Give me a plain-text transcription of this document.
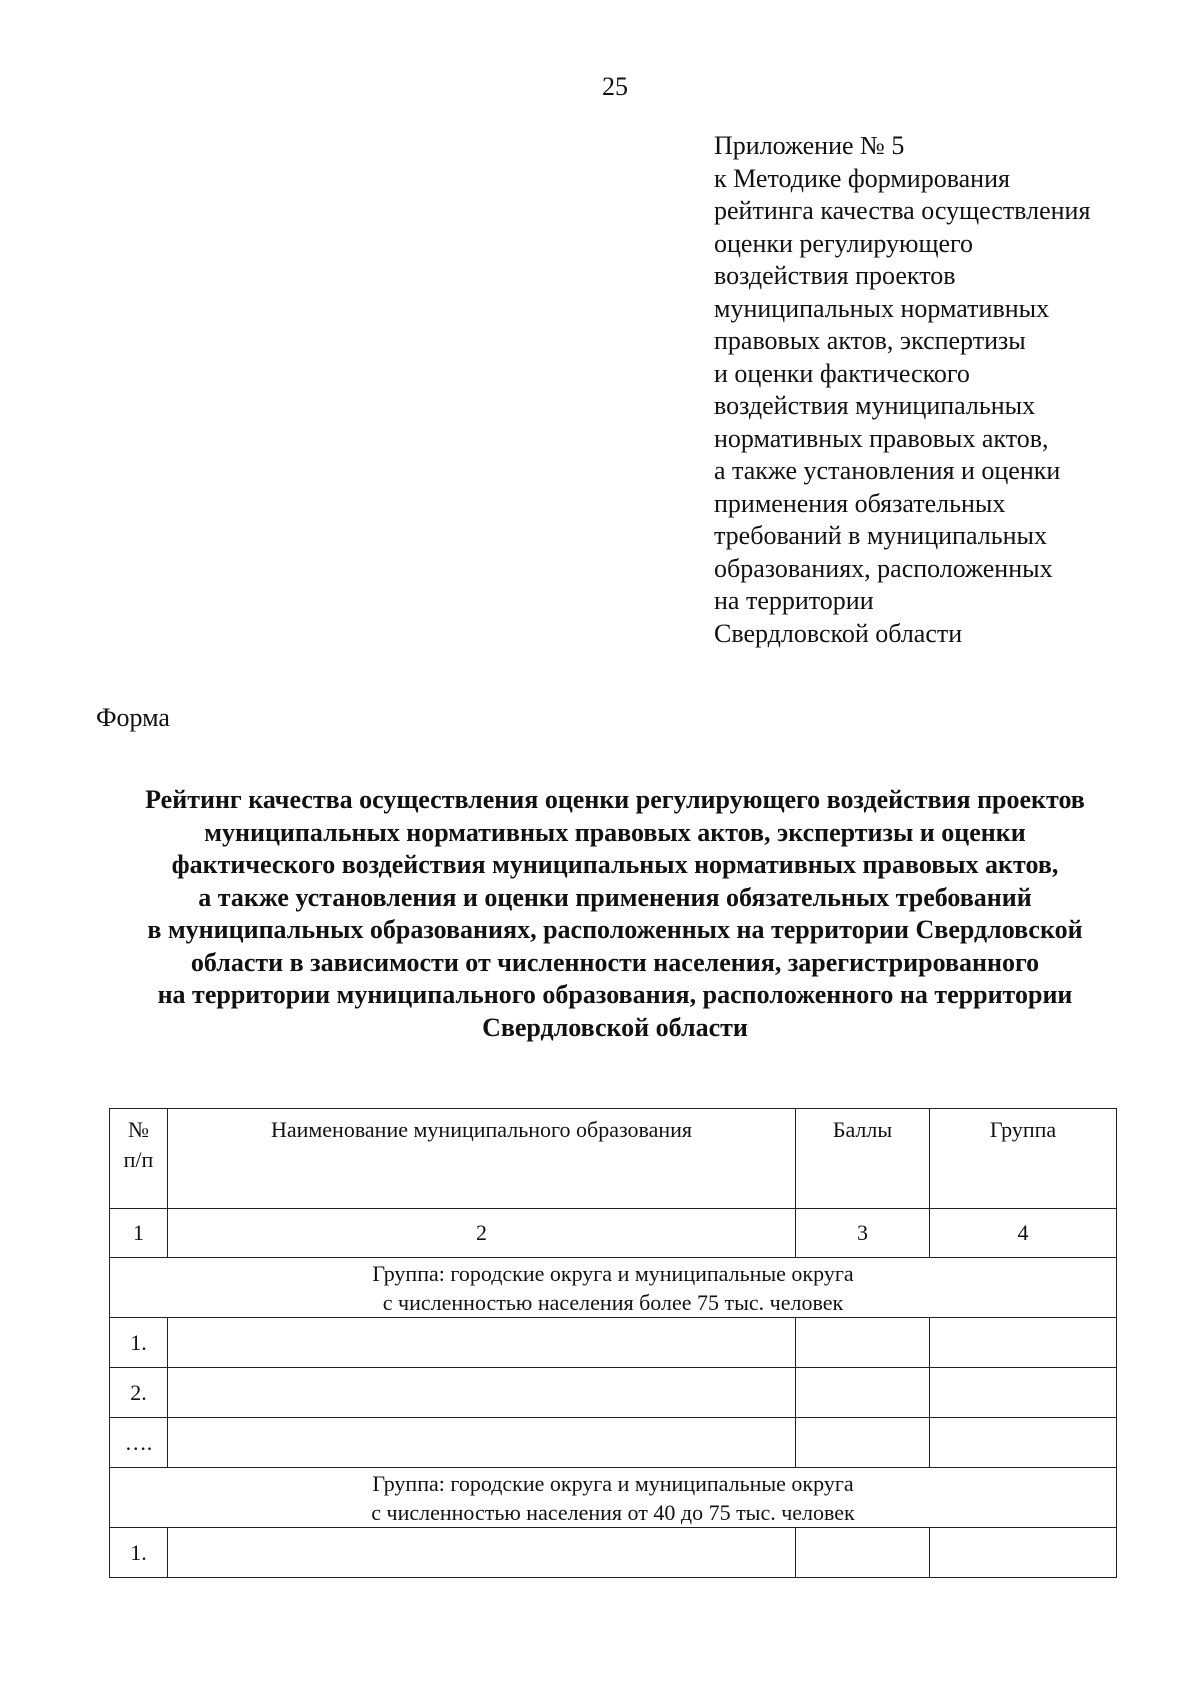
25
Приложение № 5
к Методике формирования
рейтинга качества осуществления
оценки регулирующего
воздействия проектов
муниципальных нормативных
правовых актов, экспертизы
и оценки фактического
воздействия муниципальных
нормативных правовых актов,
а также установления и оценки
применения обязательных
требований в муниципальных
образованиях, расположенных
на территории
Свердловской области
Форма
Рейтинг качества осуществления оценки регулирующего воздействия проектов
муниципальных нормативных правовых актов, экспертизы и оценки
фактического воздействия муниципальных нормативных правовых актов,
а также установления и оценки применения обязательных требований
в муниципальных образованиях, расположенных на территории Свердловской
области в зависимости от численности населения, зарегистрированного
на территории муниципального образования, расположенного на территории
Свердловской области
№
п/п	Наименование муниципального образования	Баллы	Группа
1	2	3	4

Группа: городские округа и муниципальные округа
с численностью населения более 75 тыс. человек			

1.			
2.			
….			

Группа: городские округа и муниципальные округа
с численностью населения от 40 до 75 тыс. человек			

1.			
